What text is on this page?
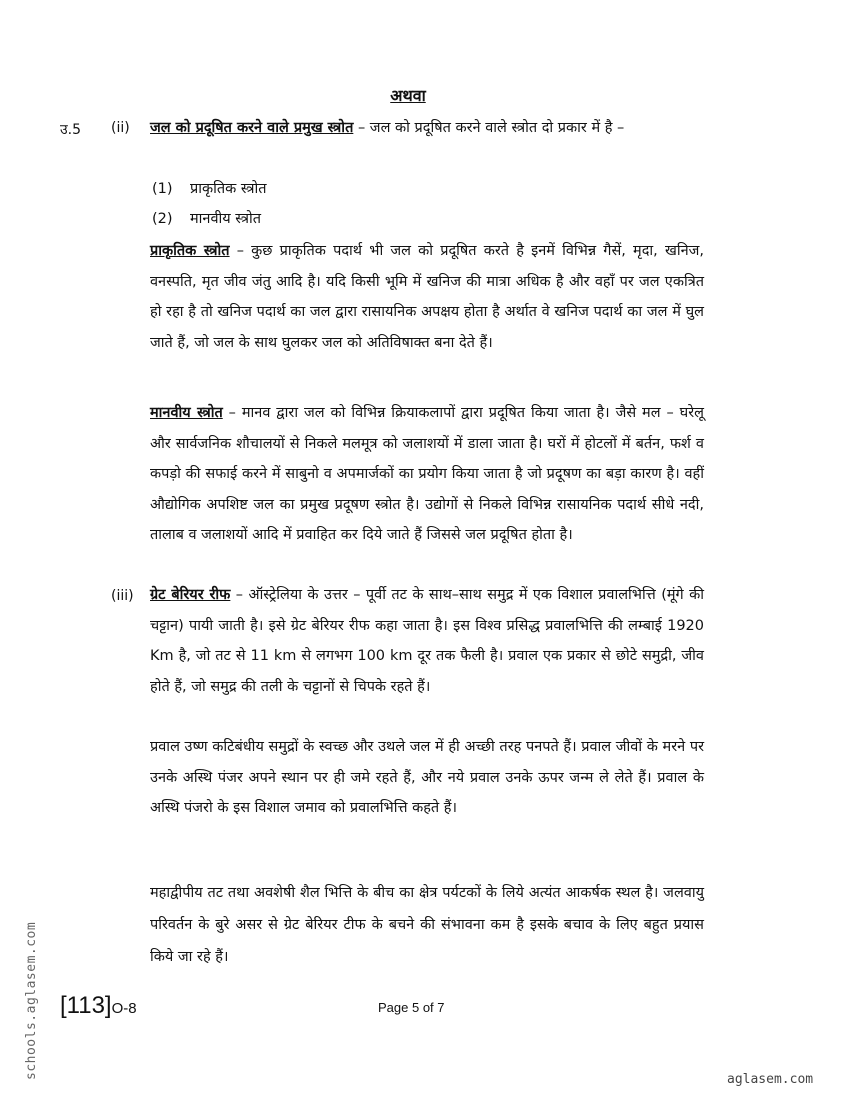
अथवा
उ.5 (ii) जल को प्रदूषित करने वाले प्रमुख स्त्रोत – जल को प्रदूषित करने वाले स्त्रोत दो प्रकार में है –
(1) प्राकृतिक स्त्रोत
(2) मानवीय स्त्रोत
प्राकृतिक स्त्रोत – कुछ प्राकृतिक पदार्थ भी जल को प्रदूषित करते है इनमें विभिन्न गैसें, मृदा, खनिज, वनस्पति, मृत जीव जंतु आदि है। यदि किसी भूमि में खनिज की मात्रा अधिक है और वहाँ पर जल एकत्रित हो रहा है तो खनिज पदार्थ का जल द्वारा रासायनिक अपक्षय होता है अर्थात वे खनिज पदार्थ का जल में घुल जाते हैं, जो जल के साथ घुलकर जल को अतिविषाक्त बना देते हैं।
मानवीय स्त्रोत – मानव द्वारा जल को विभिन्न क्रियाकलापों द्वारा प्रदूषित किया जाता है। जैसे मल – घरेलू और सार्वजनिक शौचालयों से निकले मलमूत्र को जलाशयों में डाला जाता है। घरों में होटलों में बर्तन, फर्श व कपड़ो की सफाई करने में साबुनो व अपमार्जकों का प्रयोग किया जाता है जो प्रदूषण का बड़ा कारण है। वहीं औद्योगिक अपशिष्ट जल का प्रमुख प्रदूषण स्त्रोत है। उद्योगों से निकले विभिन्न रासायनिक पदार्थ सीधे नदी, तालाब व जलाशयों आदि में प्रवाहित कर दिये जाते हैं जिससे जल प्रदूषित होता है।
(iii) ग्रेट बेरियर रीफ – ऑस्ट्रेलिया के उत्तर – पूर्वी तट के साथ–साथ समुद्र में एक विशाल प्रवालभित्ति (मूंगे की चट्टान) पायी जाती है। इसे ग्रेट बेरियर रीफ कहा जाता है। इस विश्व प्रसिद्ध प्रवालभित्ति की लम्बाई 1920 Km है, जो तट से 11 km से लगभग 100 km दूर तक फैली है। प्रवाल एक प्रकार से छोटे समुद्री, जीव होते हैं, जो समुद्र की तली के चट्टानों से चिपके रहते हैं।
प्रवाल उष्ण कटिबंधीय समुद्रों के स्वच्छ और उथले जल में ही अच्छी तरह पनपते हैं। प्रवाल जीवों के मरने पर उनके अस्थि पंजर अपने स्थान पर ही जमे रहते हैं, और नये प्रवाल उनके ऊपर जन्म ले लेते हैं। प्रवाल के अस्थि पंजरो के इस विशाल जमाव को प्रवालभित्ति कहते हैं।
महाद्वीपीय तट तथा अवशेषी शैल भित्ति के बीच का क्षेत्र पर्यटकों के लिये अत्यंत आकर्षक स्थल है। जलवायु परिवर्तन के बुरे असर से ग्रेट बेरियर टीफ के बचने की संभावना कम है इसके बचाव के लिए बहुत प्रयास किये जा रहे हैं।
[113]O-8	Page 5 of 7
schools.aglasem.com	aglasem.com
